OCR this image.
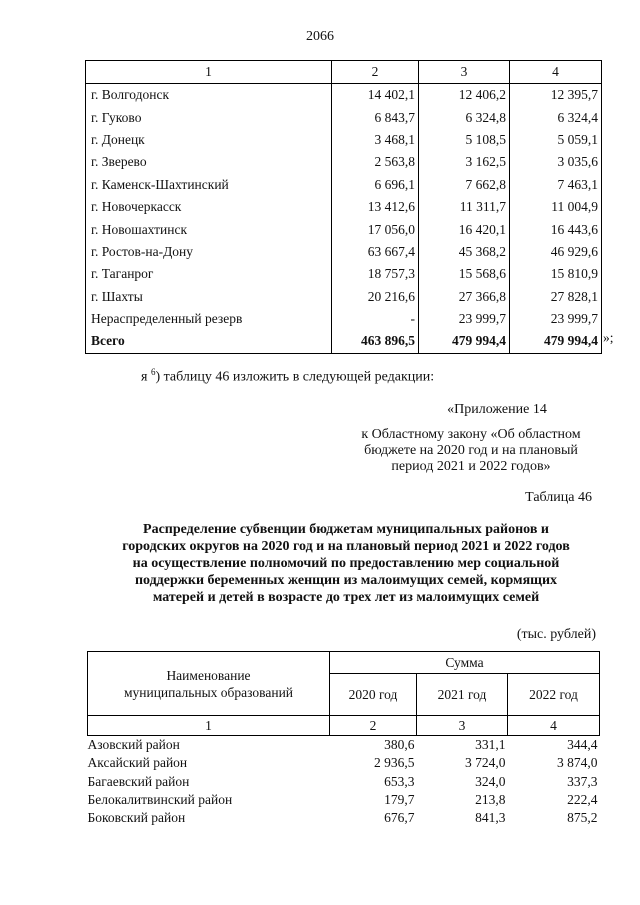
2066
1	2	3	4
г. Волгодонск	14 402,1	12 406,2	12 395,7
г. Гуково	6 843,7	6 324,8	6 324,4
г. Донецк	3 468,1	5 108,5	5 059,1
г. Зверево	2 563,8	3 162,5	3 035,6
г. Каменск-Шахтинский	6 696,1	7 662,8	7 463,1
г. Новочеркасск	13 412,6	11 311,7	11 004,9
г. Новошахтинск	17 056,0	16 420,1	16 443,6
г. Ростов-на-Дону	63 667,4	45 368,2	46 929,6
г. Таганрог	18 757,3	15 568,6	15 810,9
г. Шахты	20 216,6	27 366,8	27 828,1
Нераспределенный резерв	-	23 999,7	23 999,7
Всего	463 896,5	479 994,4	479 994,4 »;
я $^6$) таблицу 46 изложить в следующей редакции:
«Приложение 14
к Областному закону «Об областном
бюджете на 2020 год и на плановый
период 2021 и 2022 годов»
Таблица 46
Распределение субвенции бюджетам муниципальных районов и
городских округов на 2020 год и на плановый период 2021 и 2022 годов
на осуществление полномочий по предоставлению мер социальной
поддержки беременных женщин из малоимущих семей, кормящих
матерей и детей в возрасте до трех лет из малоимущих семей
(тыс. рублей)
Наименование
муниципальных образований	Сумма		
	2020 год	2021 год	2022 год
1	2	3	4
Азовский район	380,6	331,1	344,4
Аксайский район	2 936,5	3 724,0	3 874,0
Багаевский район	653,3	324,0	337,3
Белокалитвинский район	179,7	213,8	222,4
Боковский район	676,7	841,3	875,2
